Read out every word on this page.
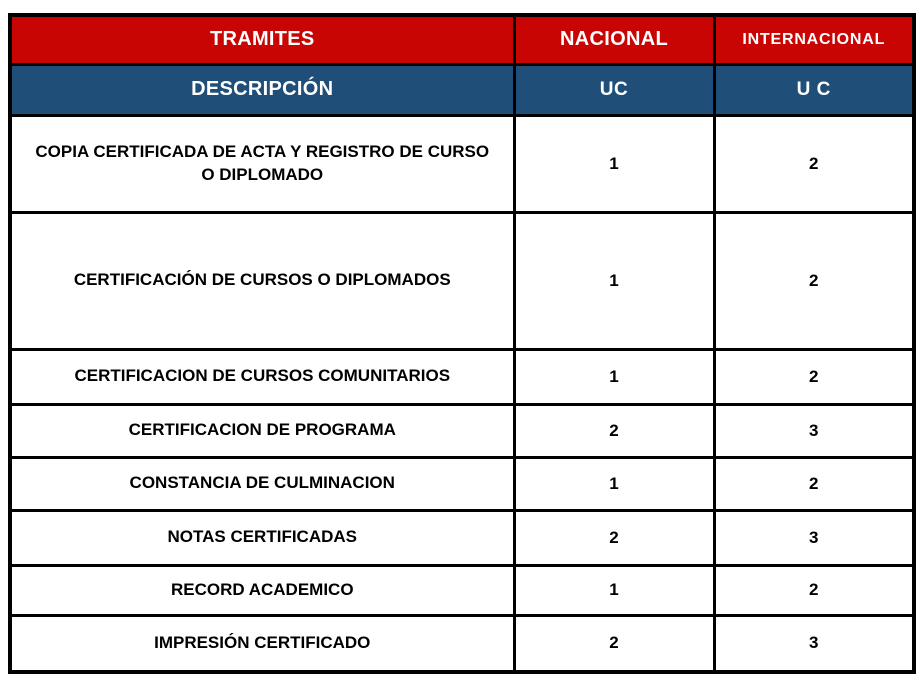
TRAMITES	NACIONAL	INTERNACIONAL
DESCRIPCIÓN	UC	U C
COPIA CERTIFICADA DE ACTA Y REGISTRO DE CURSO O DIPLOMADO	1	2
CERTIFICACIÓN DE CURSOS O DIPLOMADOS	1	2
CERTIFICACION DE CURSOS COMUNITARIOS	1	2
CERTIFICACION DE PROGRAMA	2	3
CONSTANCIA DE CULMINACION	1	2
NOTAS CERTIFICADAS	2	3
RECORD ACADEMICO	1	2
IMPRESIÓN CERTIFICADO	2	3
